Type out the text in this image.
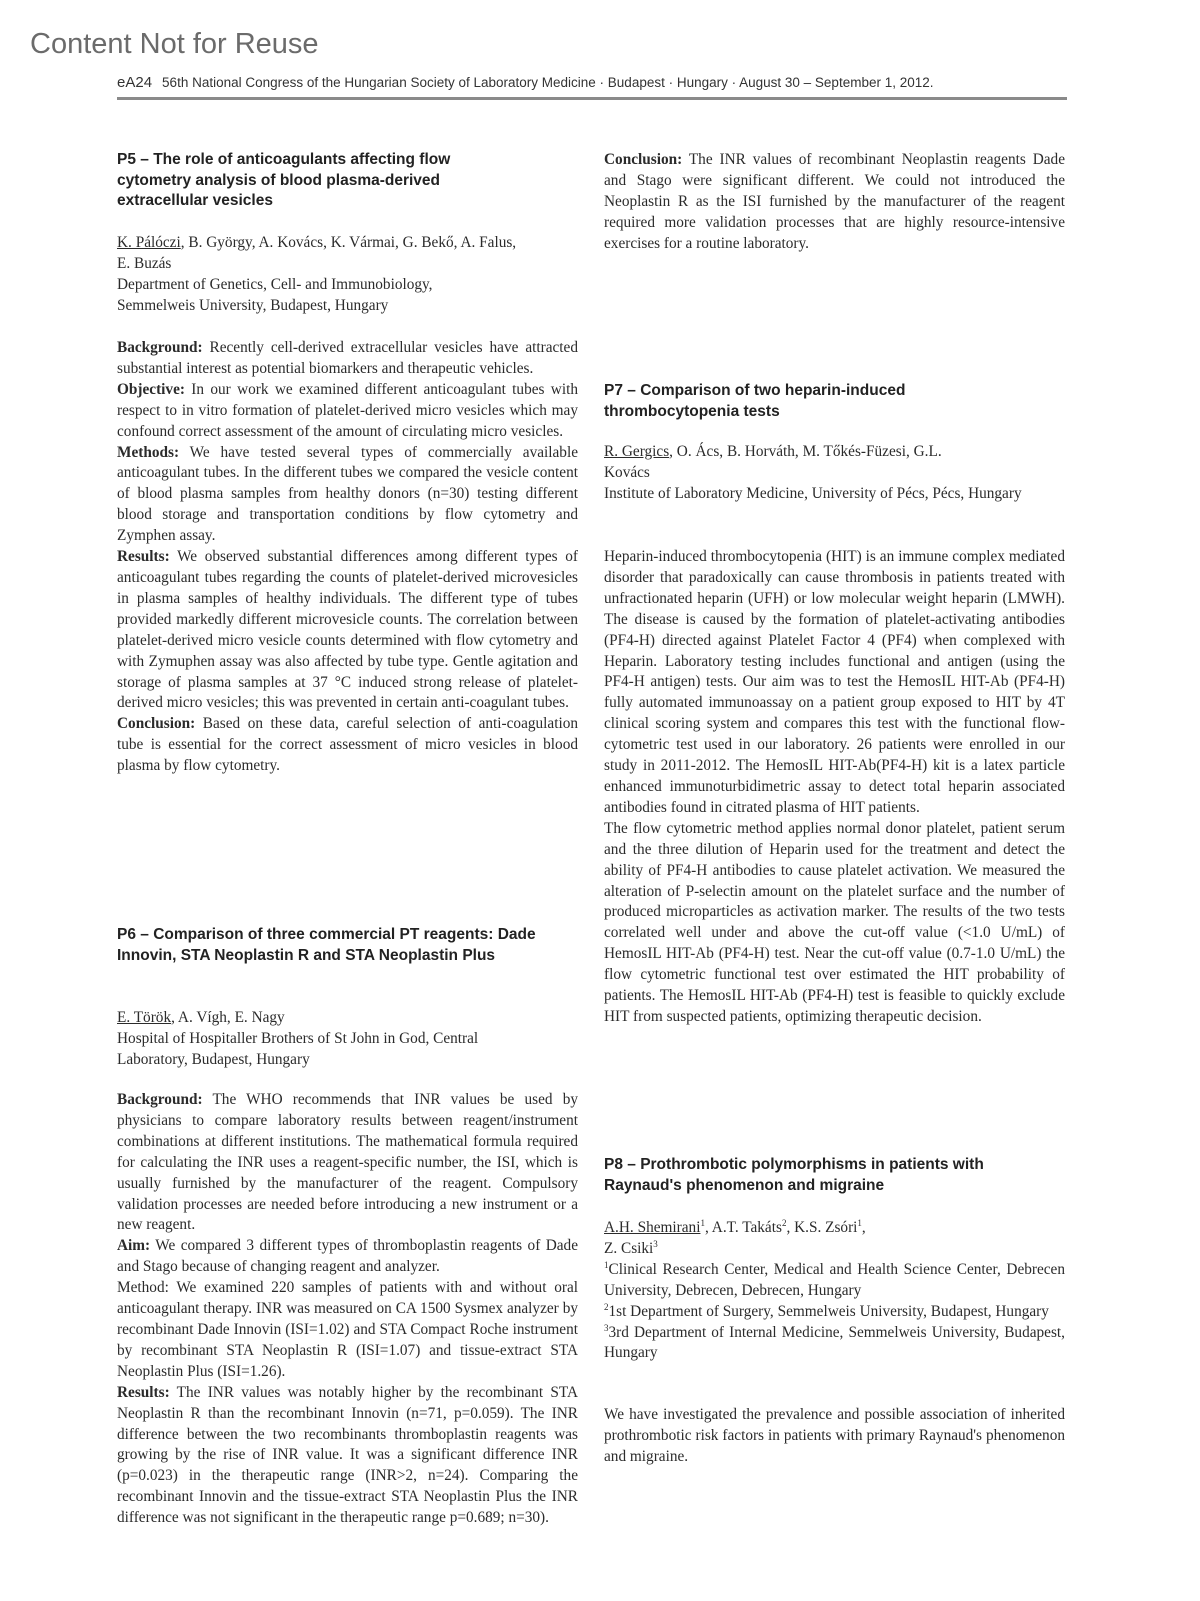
Content Not for Reuse
eA24 56th National Congress of the Hungarian Society of Laboratory Medicine · Budapest · Hungary · August 30 – September 1, 2012.
P5 – The role of anticoagulants affecting flow cytometry analysis of blood plasma-derived extracellular vesicles

K. Pálóczi, B. György, A. Kovács, K. Vármai, G. Bekő, A. Falus, E. Buzás

Department of Genetics, Cell- and Immunobiology, Semmelweis University, Budapest, Hungary

Background: Recently cell-derived extracellular vesicles have attracted substantial interest as potential biomarkers and therapeutic vehicles.

Objective: In our work we examined different anticoagulant tubes with respect to in vitro formation of platelet-derived micro vesicles which may confound correct assessment of the amount of circulating micro vesicles.

Methods: We have tested several types of commercially available anticoagulant tubes. In the different tubes we compared the vesicle content of blood plasma samples from healthy donors (n=30) testing different blood storage and transportation conditions by flow cytometry and Zymphen assay.

Results: We observed substantial differences among different types of anticoagulant tubes regarding the counts of platelet-derived microvesicles in plasma samples of healthy individuals. The different type of tubes provided markedly different microvesicle counts. The correlation between platelet-derived micro vesicle counts determined with flow cytometry and with Zymuphen assay was also affected by tube type. Gentle agitation and storage of plasma samples at 37 °C induced strong release of platelet-derived micro vesicles; this was prevented in certain anti-coagulant tubes.

Conclusion: Based on these data, careful selection of anti-coagulation tube is essential for the correct assessment of micro vesicles in blood plasma by flow cytometry.

P6 – Comparison of three commercial PT reagents: Dade Innovin, STA Neoplastin R and STA Neoplastin Plus

E. Török, A. Vígh, E. Nagy

Hospital of Hospitaller Brothers of St John in God, Central Laboratory, Budapest, Hungary

Background: The WHO recommends that INR values be used by physicians to compare laboratory results between reagent/instrument combinations at different institutions. The mathematical formula required for calculating the INR uses a reagent-specific number, the ISI, which is usually furnished by the manufacturer of the reagent. Compulsory validation processes are needed before introducing a new instrument or a new reagent.

Aim: We compared 3 different types of thromboplastin reagents of Dade and Stago because of changing reagent and analyzer.

Method: We examined 220 samples of patients with and without oral anticoagulant therapy. INR was measured on CA 1500 Sysmex analyzer by recombinant Dade Innovin (ISI=1.02) and STA Compact Roche instrument by recombinant STA Neoplastin R (ISI=1.07) and tissue-extract STA Neoplastin Plus (ISI=1.26).

Results: The INR values was notably higher by the recombinant STA Neoplastin R than the recombinant Innovin (n=71, p=0.059). The INR difference between the two recombinants thromboplastin reagents was growing by the rise of INR value. It was a significant difference INR (p=0.023) in the therapeutic range (INR>2, n=24). Comparing the recombinant Innovin and the tissue-extract STA Neoplastin Plus the INR difference was not significant in the therapeutic range p=0.689; n=30).

Conclusion: The INR values of recombinant Neoplastin reagents Dade and Stago were significant different. We could not introduced the Neoplastin R as the ISI furnished by the manufacturer of the reagent required more validation processes that are highly resource-intensive exercises for a routine laboratory.

P7 – Comparison of two heparin-induced thrombocytopenia tests

R. Gergics, O. Ács, B. Horváth, M. Tőkés-Füzesi, G.L. Kovács

Institute of Laboratory Medicine, University of Pécs, Pécs, Hungary

Heparin-induced thrombocytopenia (HIT) is an immune complex mediated disorder that paradoxically can cause thrombosis in patients treated with unfractionated heparin (UFH) or low molecular weight heparin (LMWH). The disease is caused by the formation of platelet-activating antibodies (PF4-H) directed against Platelet Factor 4 (PF4) when complexed with Heparin. Laboratory testing includes functional and antigen (using the PF4-H antigen) tests. Our aim was to test the HemosIL HIT-Ab (PF4-H) fully automated immunoassay on a patient group exposed to HIT by 4T clinical scoring system and compares this test with the functional flow-cytometric test used in our laboratory. 26 patients were enrolled in our study in 2011-2012. The HemosIL HIT-Ab(PF4-H) kit is a latex particle enhanced immunoturbidimetric assay to detect total heparin associated antibodies found in citrated plasma of HIT patients.

The flow cytometric method applies normal donor platelet, patient serum and the three dilution of Heparin used for the treatment and detect the ability of PF4-H antibodies to cause platelet activation. We measured the alteration of P-selectin amount on the platelet surface and the number of produced microparticles as activation marker. The results of the two tests correlated well under and above the cut-off value (<1.0 U/mL) of HemosIL HIT-Ab (PF4-H) test. Near the cut-off value (0.7-1.0 U/mL) the flow cytometric functional test over estimated the HIT probability of patients. The HemosIL HIT-Ab (PF4-H) test is feasible to quickly exclude HIT from suspected patients, optimizing therapeutic decision.

P8 – Prothrombotic polymorphisms in patients with Raynaud's phenomenon and migraine

A.H. Shemirani$^1$, A.T. Takáts$^2$, K.S. Zsóri$^1$,
Z. Csiki$^3$

$^1$Clinical Research Center, Medical and Health Science Center, Debrecen University, Debrecen, Debrecen, Hungary

$^2$1st Department of Surgery, Semmelweis University, Budapest, Hungary

$^3$3rd Department of Internal Medicine, Semmelweis University, Budapest, Hungary

We have investigated the prevalence and possible association of inherited prothrombotic risk factors in patients with primary Raynaud's phenomenon and migraine.
